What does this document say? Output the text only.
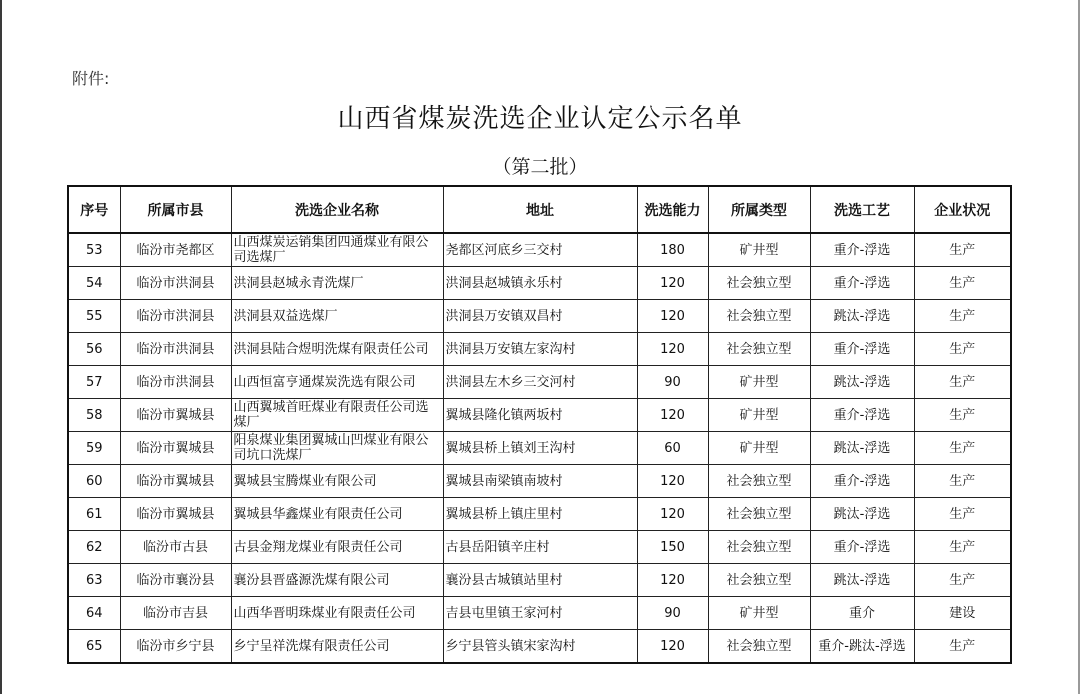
附件:
山西省煤炭洗选企业认定公示名单
（第二批）
序号	所属市县	洗选企业名称	地址	洗选能力	所属类型	洗选工艺	企业状况
53	临汾市尧都区	山西煤炭运销集团四通煤业有限公司选煤厂	尧都区河底乡三交村	180	矿井型	重介-浮选	生产
54	临汾市洪洞县	洪洞县赵城永青洗煤厂	洪洞县赵城镇永乐村	120	社会独立型	重介-浮选	生产
55	临汾市洪洞县	洪洞县双益选煤厂	洪洞县万安镇双昌村	120	社会独立型	跳汰-浮选	生产
56	临汾市洪洞县	洪洞县陆合煜明洗煤有限责任公司	洪洞县万安镇左家沟村	120	社会独立型	重介-浮选	生产
57	临汾市洪洞县	山西恒富亨通煤炭洗选有限公司	洪洞县左木乡三交河村	90	矿井型	跳汰-浮选	生产
58	临汾市翼城县	山西翼城首旺煤业有限责任公司选煤厂	翼城县隆化镇两坂村	120	矿井型	重介-浮选	生产
59	临汾市翼城县	阳泉煤业集团翼城山凹煤业有限公司坑口洗煤厂	翼城县桥上镇刘王沟村	60	矿井型	跳汰-浮选	生产
60	临汾市翼城县	翼城县宝腾煤业有限公司	翼城县南梁镇南坡村	120	社会独立型	重介-浮选	生产
61	临汾市翼城县	翼城县华鑫煤业有限责任公司	翼城县桥上镇庄里村	120	社会独立型	跳汰-浮选	生产
62	临汾市古县	古县金翔龙煤业有限责任公司	古县岳阳镇辛庄村	150	社会独立型	重介-浮选	生产
63	临汾市襄汾县	襄汾县晋盛源洗煤有限公司	襄汾县古城镇站里村	120	社会独立型	跳汰-浮选	生产
64	临汾市吉县	山西华晋明珠煤业有限责任公司	吉县屯里镇王家河村	90	矿井型	重介	建设
65	临汾市乡宁县	乡宁呈祥洗煤有限责任公司	乡宁县管头镇宋家沟村	120	社会独立型	重介-跳汰-浮选	生产
